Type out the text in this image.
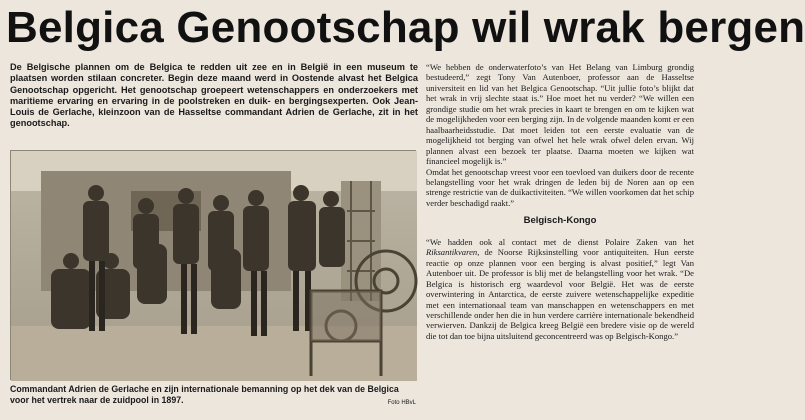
Belgica Genootschap wil wrak bergen
De Belgische plannen om de Belgica te redden uit zee en in België in een museum te plaatsen worden stilaan concreter. Begin deze maand werd in Oostende alvast het Belgica Genootschap opgericht. Het genootschap groepeert wetenschappers en onderzoekers met maritieme ervaring en ervaring in de poolstreken en duik- en bergingsexperten. Ook Jean-Louis de Gerlache, kleinzoon van de Hasseltse commandant Adrien de Gerlache, zit in het genootschap.
Commandant Adrien de Gerlache en zijn internationale bemanning op het dek van de Belgica voor het vertrek naar de zuidpool in 1897.	Foto HBvL

“We hebben de onderwaterfoto’s van Het Belang van Limburg grondig bestudeerd,” zegt Tony Van Autenboer, professor aan de Hasseltse universiteit en lid van het Belgica Genootschap. “Uit jullie foto’s blijkt dat het wrak in vrij slechte staat is.” Hoe moet het nu verder? “We willen een grondige studie om het wrak precies in kaart te brengen en om te kijken wat de mogelijkheden voor een berging zijn. In de volgende maanden komt er een haalbaarheidsstudie. Dat moet leiden tot een eerste evaluatie van de mogelijkheid tot berging van ofwel het hele wrak ofwel delen ervan. Wij plannen alvast een bezoek ter plaatse. Daarna moeten we kijken wat financieel mogelijk is.”

Omdat het genootschap vreest voor een toevloed van duikers door de recente belangstelling voor het wrak dringen de leden bij de Noren aan op een strenge restrictie van de duikactiviteiten. “We willen voorkomen dat het schip verder beschadigd raakt.”

Belgisch-Kongo

“We hadden ook al contact met de dienst Polaire Zaken van het Riksantikvaren, de Noorse Rijksinstelling voor antiquiteiten. Hun eerste reactie op onze plannen voor een berging is alvast positief,” legt Van Autenboer uit. De professor is blij met de belangstelling voor het wrak. “De Belgica is historisch erg waardevol voor België. Het was de eerste overwintering in Antarctica, de eerste zuivere wetenschappelijke expeditie met een internationaal team van manschappen en wetenschappers en met verschillende onder hen die in hun verdere carrière internationale bekendheid verwierven. Dankzij de Belgica kreeg België een bredere visie op de wereld die tot dan toe bijna uitsluitend geconcentreerd was op Belgisch-Kongo.”
